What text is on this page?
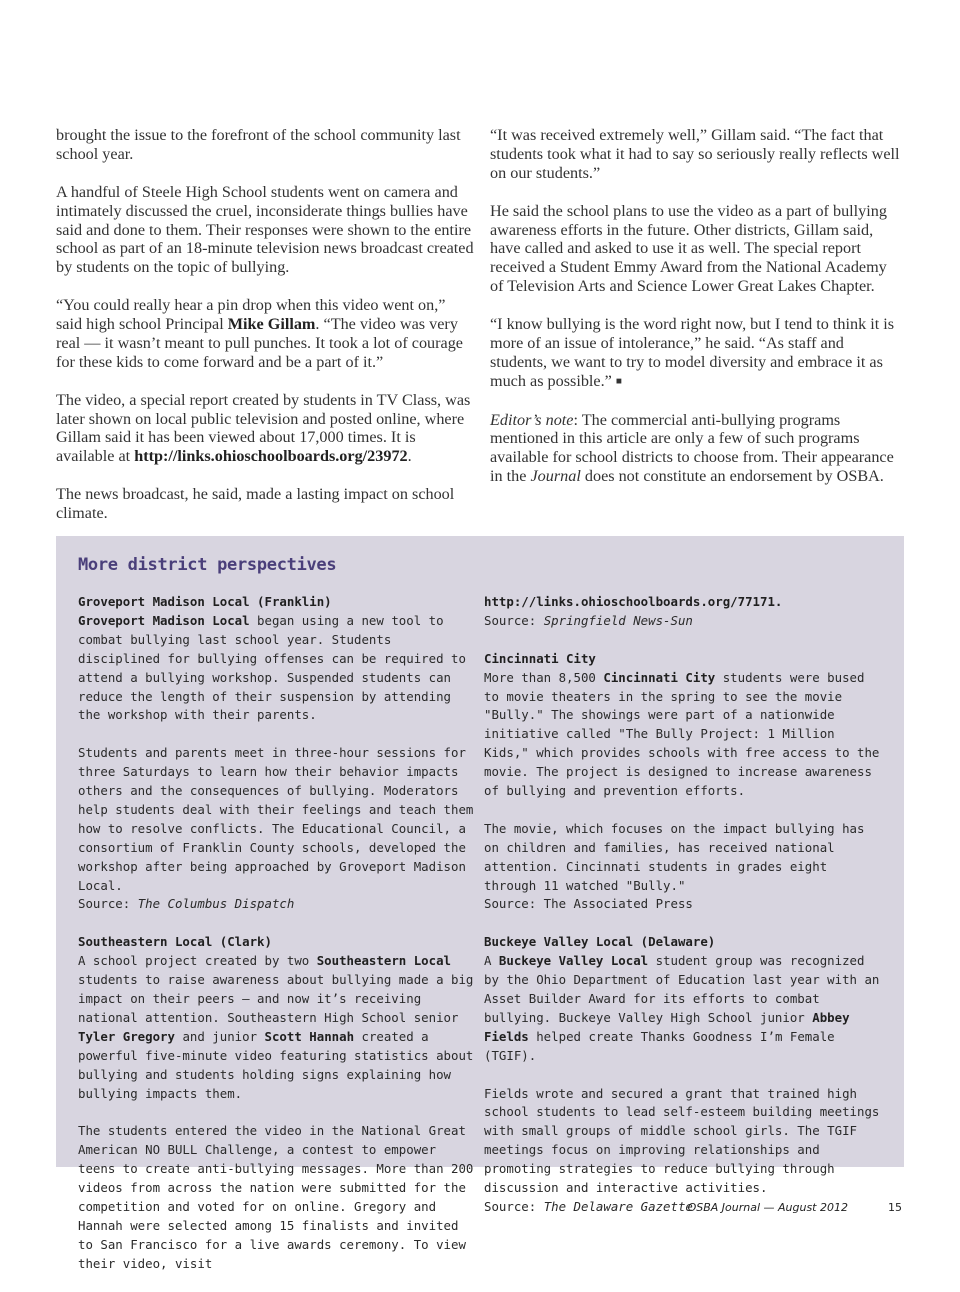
brought the issue to the forefront of the school community last school year.

A handful of Steele High School students went on camera and intimately discussed the cruel, inconsiderate things bullies have said and done to them. Their responses were shown to the entire school as part of an 18-minute television news broadcast created by students on the topic of bullying.

“You could really hear a pin drop when this video went on,” said high school Principal Mike Gillam. “The video was very real — it wasn’t meant to pull punches. It took a lot of courage for these kids to come forward and be a part of it.”

The video, a special report created by students in TV Class, was later shown on local public television and posted online, where Gillam said it has been viewed about 17,000 times. It is available at http://links.ohioschoolboards.org/23972.

The news broadcast, he said, made a lasting impact on school climate.

“It was received extremely well,” Gillam said. “The fact that students took what it had to say so seriously really reflects well on our students.”

He said the school plans to use the video as a part of bullying awareness efforts in the future. Other districts, Gillam said, have called and asked to use it as well. The special report received a Student Emmy Award from the National Academy of Television Arts and Science Lower Great Lakes Chapter.

“I know bullying is the word right now, but I tend to think it is more of an issue of intolerance,” he said. “As staff and students, we want to try to model diversity and embrace it as much as possible.” ■

Editor’s note: The commercial anti-bullying programs mentioned in this article are only a few of such programs available for school districts to choose from. Their appearance in the Journal does not constitute an endorsement by OSBA.

More district perspectives
Groveport Madison Local (Franklin)

Groveport Madison Local began using a new tool to combat bullying last school year. Students disciplined for bullying offenses can be required to attend a bullying workshop. Suspended students can reduce the length of their suspension by attending the workshop with their parents.

Students and parents meet in three-hour sessions for three Saturdays to learn how their behavior impacts others and the consequences of bullying. Moderators help students deal with their feelings and teach them how to resolve conflicts. The Educational Council, a consortium of Franklin County schools, developed the workshop after being approached by Groveport Madison Local.
Source: The Columbus Dispatch

Southeastern Local (Clark)

A school project created by two Southeastern Local students to raise awareness about bullying made a big impact on their peers — and now it’s receiving national attention. Southeastern High School senior Tyler Gregory and junior Scott Hannah created a powerful five-minute video featuring statistics about bullying and students holding signs explaining how bullying impacts them.

The students entered the video in the National Great American NO BULL Challenge, a contest to empower teens to create anti-bullying messages. More than 200 videos from across the nation were submitted for the competition and voted for on online. Gregory and Hannah were selected among 15 finalists and invited to San Francisco for a live awards ceremony. To view their video, visit

http://links.ohioschoolboards.org/77171.
Source: Springfield News-Sun

Cincinnati City

More than 8,500 Cincinnati City students were bused to movie theaters in the spring to see the movie "Bully." The showings were part of a nationwide initiative called "The Bully Project: 1 Million Kids," which provides schools with free access to the movie. The project is designed to increase awareness of bullying and prevention efforts.

The movie, which focuses on the impact bullying has on children and families, has received national attention. Cincinnati students in grades eight through 11 watched "Bully."
Source: The Associated Press

Buckeye Valley Local (Delaware)

A Buckeye Valley Local student group was recognized by the Ohio Department of Education last year with an Asset Builder Award for its efforts to combat bullying. Buckeye Valley High School junior Abbey Fields helped create Thanks Goodness I’m Female (TGIF).

Fields wrote and secured a grant that trained high school students to lead self-esteem building meetings with small groups of middle school girls. The TGIF meetings focus on improving relationships and promoting strategies to reduce bullying through discussion and interactive activities.
Source: The Delaware Gazette

OSBA Journal — August 2012	15
